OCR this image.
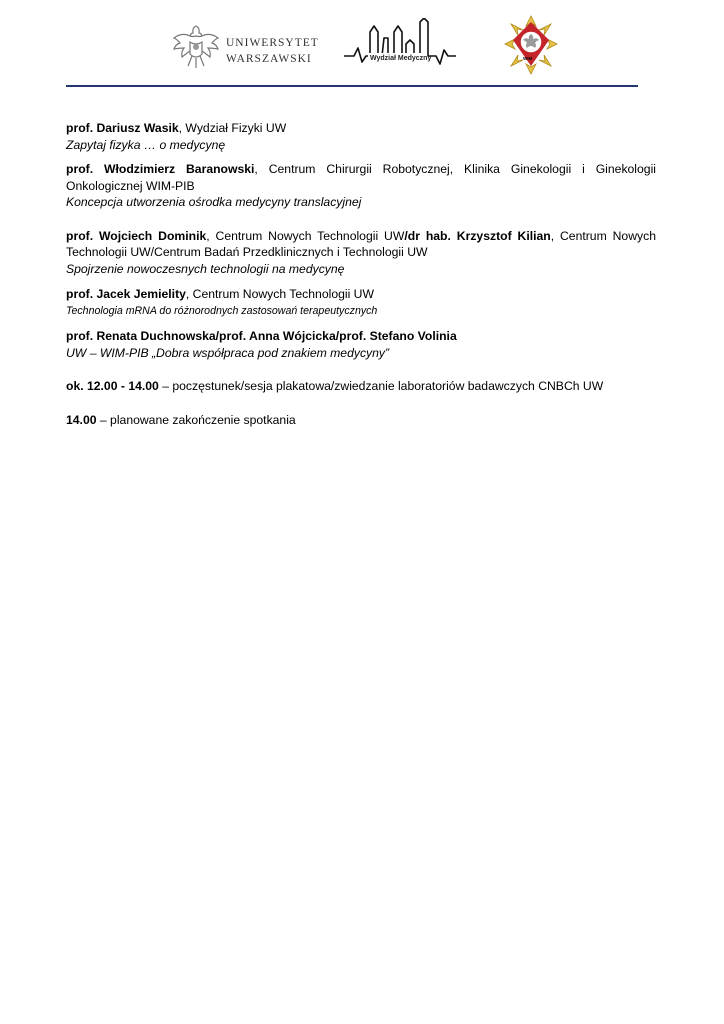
UNIWERSYTET
WARSZAWSKI	Wydział Medyczny	WIM

prof. Dariusz Wasik, Wydział Fizyki UW

Zapytaj fizyka … o medycynę

prof. Włodzimierz Baranowski, Centrum Chirurgii Robotycznej, Klinika Ginekologii i Ginekologii Onkologicznej WIM-PIB

Koncepcja utworzenia ośrodka medycyny translacyjnej

prof. Wojciech Dominik, Centrum Nowych Technologii UW/dr hab. Krzysztof Kilian, Centrum Nowych Technologii UW/Centrum Badań Przedklinicznych i Technologii UW

Spojrzenie nowoczesnych technologii na medycynę

prof. Jacek Jemielity, Centrum Nowych Technologii UW

Technologia mRNA do różnorodnych zastosowań terapeutycznych

prof. Renata Duchnowska/prof. Anna Wójcicka/prof. Stefano Volinia

UW – WIM-PIB „Dobra współpraca pod znakiem medycyny”

ok. 12.00 - 14.00 – poczęstunek/sesja plakatowa/zwiedzanie laboratoriów badawczych CNBCh UW

14.00 – planowane zakończenie spotkania
